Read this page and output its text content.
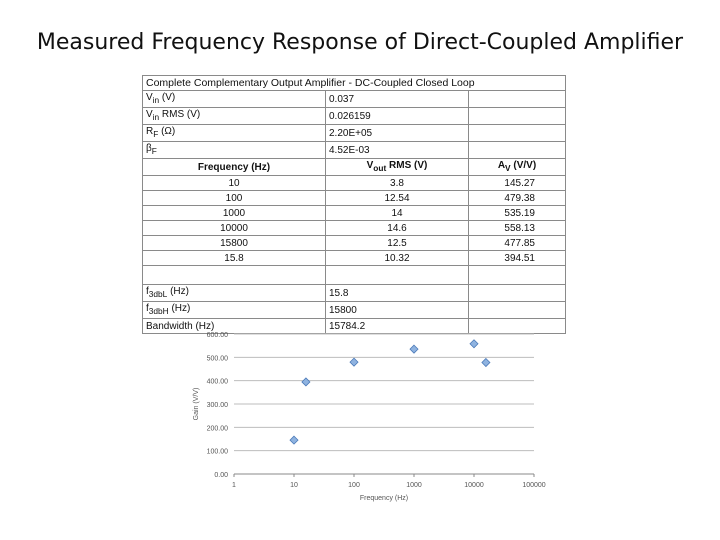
Measured Frequency Response of Direct-Coupled Amplifier
Complete Complementary Output Amplifier - DC-Coupled Closed Loop		
$V_{in}$ (V)	0.037	
$V_{in}$ RMS (V)	0.026159	
$R_F$ (Ω)	2.20E+05	
$\beta_F$	4.52E-03	
Frequency (Hz)	$V_{out}$ RMS (V)	$A_V$ (V/V)
10	3.8	145.27
100	12.54	479.38
1000	14	535.19
10000	14.6	558.13
15800	12.5	477.85
15.8	10.32	394.51

$f_{3dbL}$ (Hz)	15.8	
$f_{3dbH}$ (Hz)	15800	
Bandwidth (Hz)	15784.2	
0.00
100.00
200.00
300.00
400.00
500.00
600.00
1	10	100	1000	10000	100000
Frequency (Hz)
Gain (V/V)
